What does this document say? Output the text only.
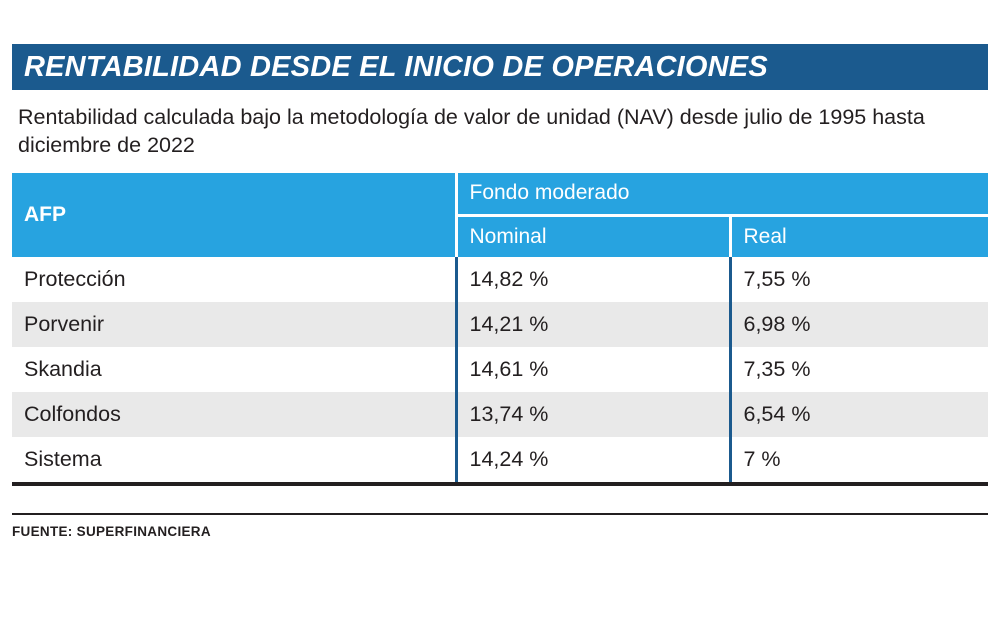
RENTABILIDAD DESDE EL INICIO DE OPERACIONES
Rentabilidad calculada bajo la metodología de valor de unidad (NAV) desde julio de 1995 hasta diciembre de 2022
AFP	Fondo moderado	
	Nominal	Real
Protección	14,82 %	7,55 %
Porvenir	14,21 %	6,98 %
Skandia	14,61 %	7,35 %
Colfondos	13,74 %	6,54 %
Sistema	14,24 %	7 %
FUENTE: SUPERFINANCIERA
